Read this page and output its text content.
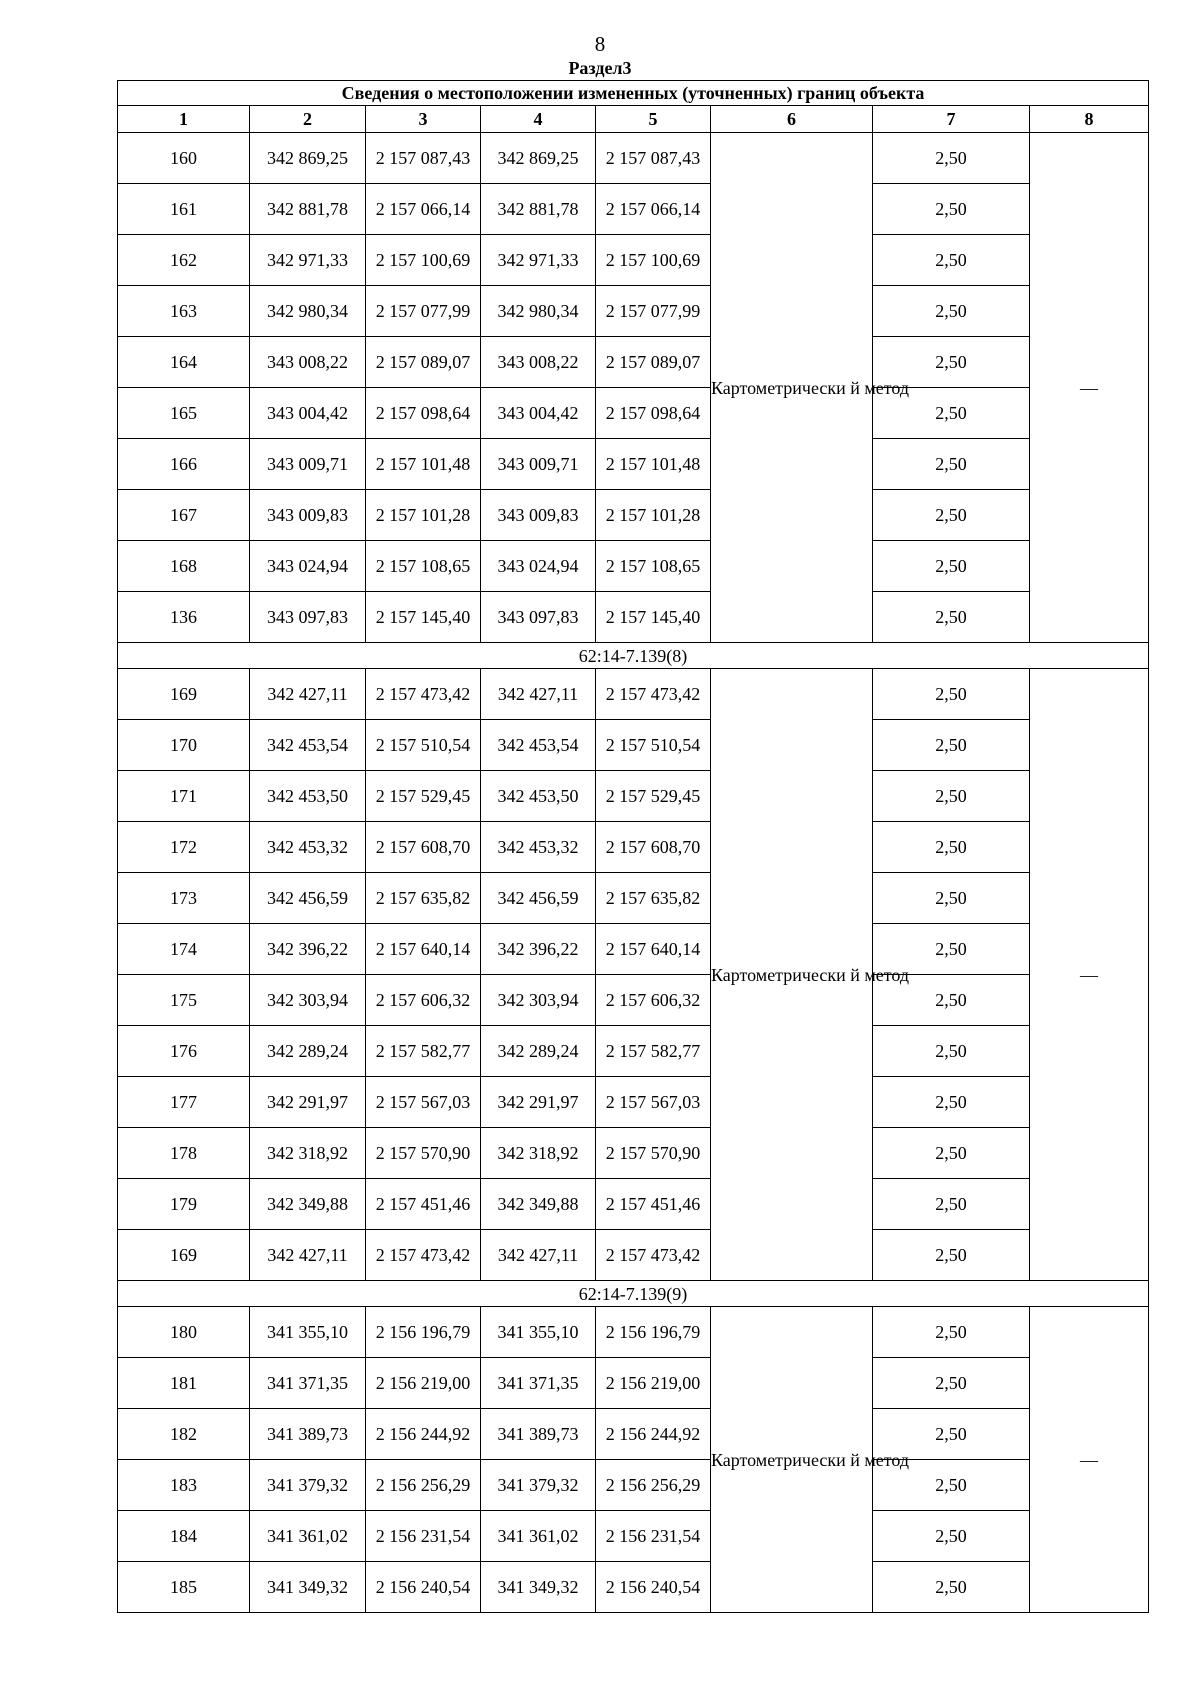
8
Раздел3
Сведения о местоположении измененных (уточненных) границ объекта							
1	2	3	4	5	6	7	8
160	342 869,25	2 157 087,43	342 869,25	2 157 087,43	Картометрически й метод	2,50	—
161	342 881,78	2 157 066,14	342 881,78	2 157 066,14		2,50	
162	342 971,33	2 157 100,69	342 971,33	2 157 100,69		2,50	
163	342 980,34	2 157 077,99	342 980,34	2 157 077,99		2,50	
164	343 008,22	2 157 089,07	343 008,22	2 157 089,07		2,50	
165	343 004,42	2 157 098,64	343 004,42	2 157 098,64		2,50	
166	343 009,71	2 157 101,48	343 009,71	2 157 101,48		2,50	
167	343 009,83	2 157 101,28	343 009,83	2 157 101,28		2,50	
168	343 024,94	2 157 108,65	343 024,94	2 157 108,65		2,50	
136	343 097,83	2 157 145,40	343 097,83	2 157 145,40		2,50	
62:14-7.139(8)							
169	342 427,11	2 157 473,42	342 427,11	2 157 473,42	Картометрически й метод	2,50	—
170	342 453,54	2 157 510,54	342 453,54	2 157 510,54		2,50	
171	342 453,50	2 157 529,45	342 453,50	2 157 529,45		2,50	
172	342 453,32	2 157 608,70	342 453,32	2 157 608,70		2,50	
173	342 456,59	2 157 635,82	342 456,59	2 157 635,82		2,50	
174	342 396,22	2 157 640,14	342 396,22	2 157 640,14		2,50	
175	342 303,94	2 157 606,32	342 303,94	2 157 606,32		2,50	
176	342 289,24	2 157 582,77	342 289,24	2 157 582,77		2,50	
177	342 291,97	2 157 567,03	342 291,97	2 157 567,03		2,50	
178	342 318,92	2 157 570,90	342 318,92	2 157 570,90		2,50	
179	342 349,88	2 157 451,46	342 349,88	2 157 451,46		2,50	
169	342 427,11	2 157 473,42	342 427,11	2 157 473,42		2,50	
62:14-7.139(9)							
180	341 355,10	2 156 196,79	341 355,10	2 156 196,79	Картометрически й метод	2,50	—
181	341 371,35	2 156 219,00	341 371,35	2 156 219,00		2,50	
182	341 389,73	2 156 244,92	341 389,73	2 156 244,92		2,50	
183	341 379,32	2 156 256,29	341 379,32	2 156 256,29		2,50	
184	341 361,02	2 156 231,54	341 361,02	2 156 231,54		2,50	
185	341 349,32	2 156 240,54	341 349,32	2 156 240,54		2,50	
